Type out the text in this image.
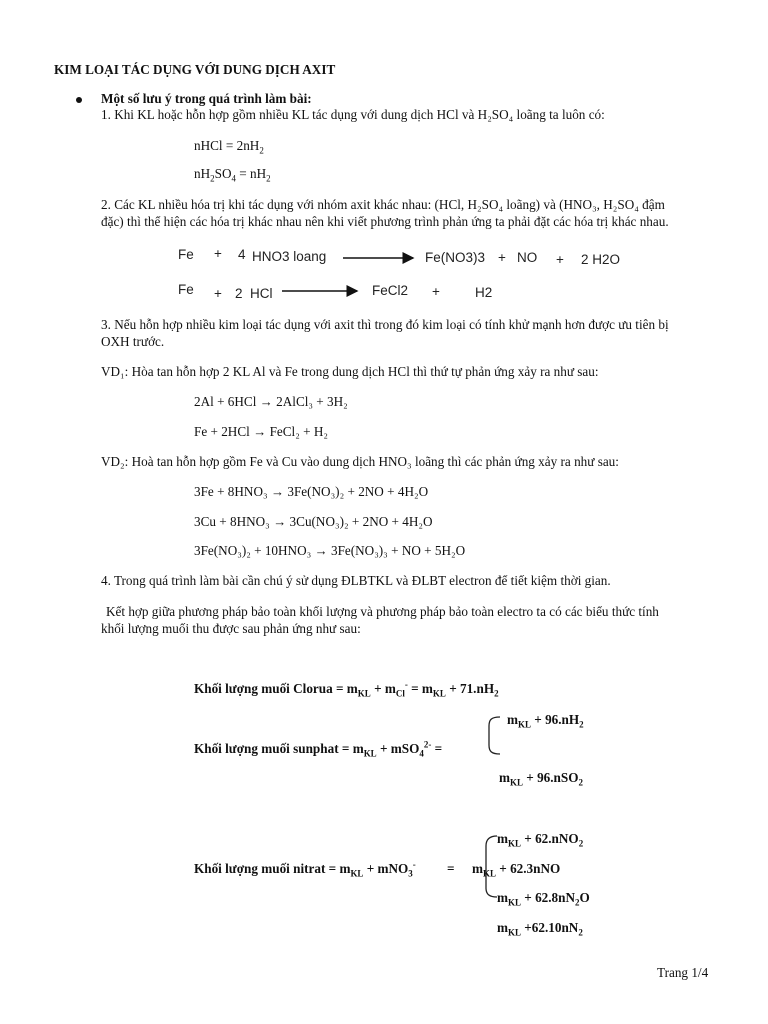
KIM LOẠI TÁC DỤNG VỚI DUNG DỊCH AXIT
Một số lưu ý trong quá trình làm bài:
1. Khi KL hoặc hỗn hợp gồm nhiều KL tác dụng với dung dịch HCl và H₂SO₄ loãng ta luôn có:
nHCl = $2nH_2$
$nH_2SO_4 = nH_2$
2. Các KL nhiều hóa trị khi tác dụng với nhóm axit khác nhau: (HCl, H₂SO₄ loãng) và (HNO₃, H₂SO₄ đậm
đặc) thì thể hiện các hóa trị khác nhau nên khi viết phương trình phản ứng ta phải đặt các hóa trị khác nhau.
Fe + 4 HNO3 loang	Fe(NO3)3 + NO + 2 H2O
Fe + 2 HCl	FeCl2 +	H2
3. Nếu hỗn hợp nhiều kim loại tác dụng với axit thì trong đó kim loại có tính khử mạnh hơn được ưu tiên bị
OXH trước.
VD₁: Hòa tan hỗn hợp 2 KL Al và Fe trong dung dịch HCl thì thứ tự phản ứng xảy ra như sau:
2Al + 6HCl → 2AlCl₃ + 3H₂
Fe + 2HCl → FeCl₂ + H₂
VD₂: Hoà tan hỗn hợp gồm Fe và Cu vào dung dịch HNO₃ loãng thì các phản ứng xảy ra như sau:
3Fe + 8HNO₃ → 3Fe(NO₃)₂ + 2NO + 4H₂O
3Cu + 8HNO₃ → 3Cu(NO₃)₂ + 2NO + 4H₂O
3Fe(NO₃)₂ + 10HNO₃ → 3Fe(NO₃)₃ + NO + 5H₂O
4. Trong quá trình làm bài cần chú ý sử dụng ĐLBTKL và ĐLBT electron để tiết kiệm thời gian.
Kết hợp giữa phương pháp bảo toàn khối lượng và phương pháp bảo toàn electro ta có các biểu thức tính
khối lượng muối thu được sau phản ứng như sau:
Khối lượng muối Clorua = $m_{KL} + m_{Cl}^- = m_{KL} + 71.nH_2$
$m_{KL} + 96.nH_2$
Khối lượng muối sunphat = $m_{KL} + mSO_4^{2-}$ =
$m_{KL} + 96.nSO_2$
$m_{KL} + 62.nNO_2$
Khối lượng muối nitrat = $m_{KL} + mNO_3^- = m_{KL} + 62.3nNO$
$m_{KL} + 62.8nN_2O$
$m_{KL} +62.10nN_2$
Trang 1/4
